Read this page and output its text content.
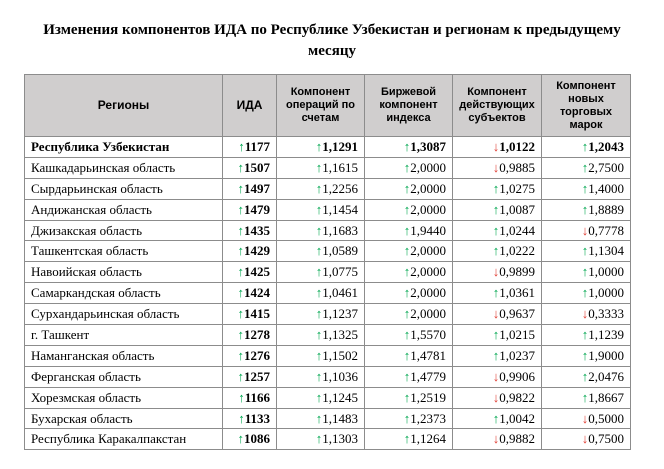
Изменения компонентов ИДА по Республике Узбекистан и регионам к предыдущему
месяцу
Регионы	ИДА	Компонент операций по счетам	Биржевой компонент индекса	Компонент действующих субъектов	Компонент новых торговых марок
Республика Узбекистан	↑1177	↑1,1291	↑1,3087	↓1,0122	↑1,2043
Кашкадарьинская область	↑1507	↑1,1615	↑2,0000	↓0,9885	↑2,7500
Сырдарьинская область	↑1497	↑1,2256	↑2,0000	↑1,0275	↑1,4000
Андижанская область	↑1479	↑1,1454	↑2,0000	↑1,0087	↑1,8889
Джизакская область	↑1435	↑1,1683	↑1,9440	↑1,0244	↓0,7778
Ташкентская область	↑1429	↑1,0589	↑2,0000	↑1,0222	↑1,1304
Навоийская область	↑1425	↑1,0775	↑2,0000	↓0,9899	↑1,0000
Самаркандская область	↑1424	↑1,0461	↑2,0000	↑1,0361	↑1,0000
Сурхандарьинская область	↑1415	↑1,1237	↑2,0000	↓0,9637	↓0,3333
г. Ташкент	↑1278	↑1,1325	↑1,5570	↑1,0215	↑1,1239
Наманганская область	↑1276	↑1,1502	↑1,4781	↑1,0237	↑1,9000
Ферганская область	↑1257	↑1,1036	↑1,4779	↓0,9906	↑2,0476
Хорезмская область	↑1166	↑1,1245	↑1,2519	↓0,9822	↑1,8667
Бухарская область	↑1133	↑1,1483	↑1,2373	↑1,0042	↓0,5000
Республика Каракалпакстан	↑1086	↑1,1303	↑1,1264	↓0,9882	↓0,7500
